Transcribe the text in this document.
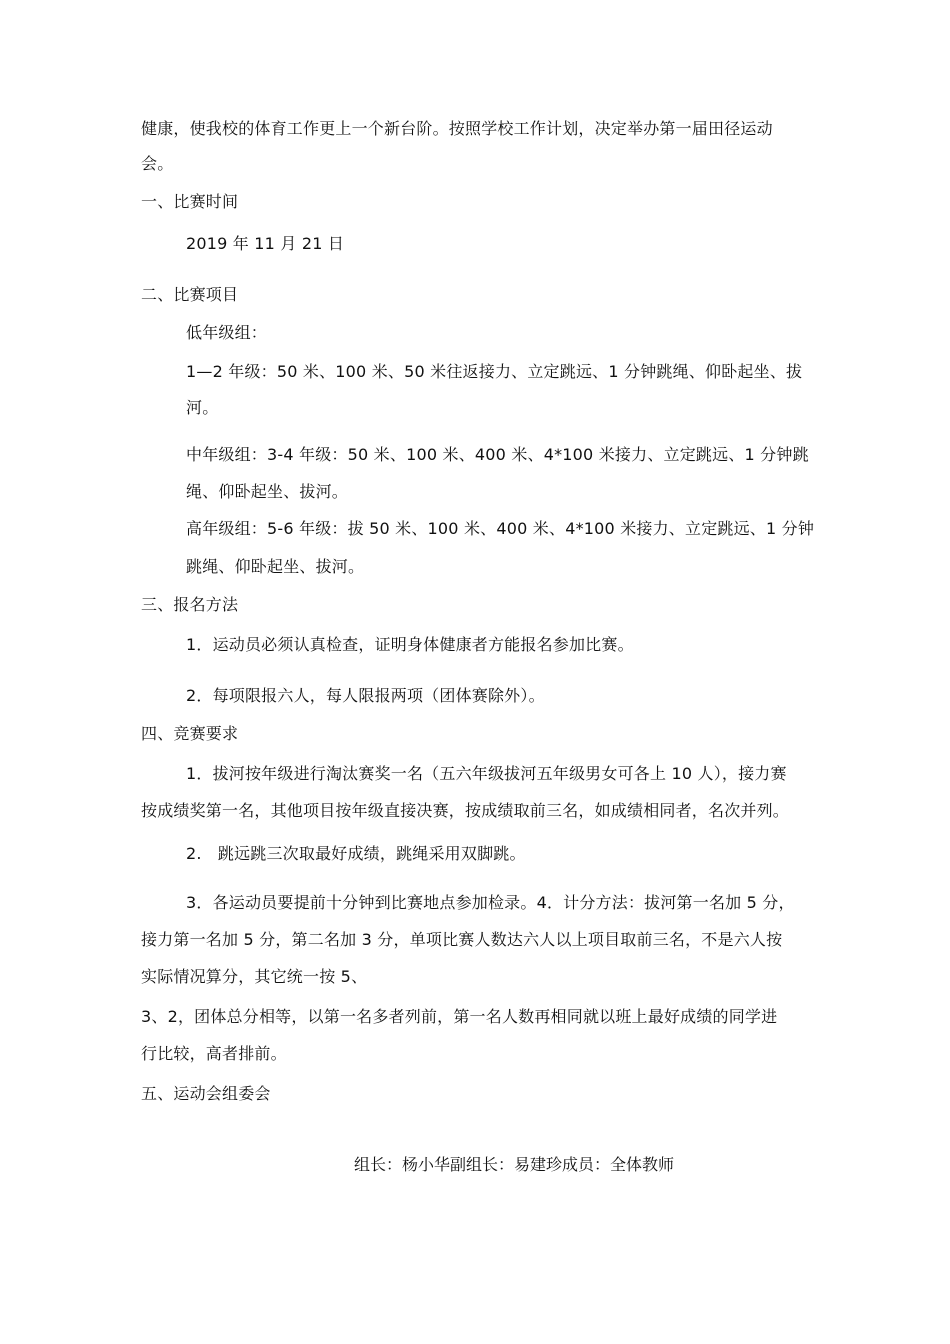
健康，使我校的体育工作更上一个新台阶。按照学校工作计划，决定举办第一届田径运动
会。
一、比赛时间
2019 年 11 月 21 日
二、比赛项目
低年级组：
1—2 年级：50 米、100 米、50 米往返接力、立定跳远、1 分钟跳绳、仰卧起坐、拔
河。
中年级组：3-4 年级：50 米、100 米、400 米、4*100 米接力、立定跳远、1 分钟跳
绳、仰卧起坐、拔河。
高年级组：5-6 年级：拔 50 米、100 米、400 米、4*100 米接力、立定跳远、1 分钟
跳绳、仰卧起坐、拔河。
三、报名方法
1．运动员必须认真检查，证明身体健康者方能报名参加比赛。
2．每项限报六人，每人限报两项（团体赛除外）。
四、竞赛要求
1．拔河按年级进行淘汰赛奖一名（五六年级拔河五年级男女可各上 10 人），接力赛
按成绩奖第一名，其他项目按年级直接决赛，按成绩取前三名，如成绩相同者，名次并列。
2.　跳远跳三次取最好成绩，跳绳采用双脚跳。
3．各运动员要提前十分钟到比赛地点参加检录。4．计分方法：拔河第一名加 5 分，
接力第一名加 5 分，第二名加 3 分，单项比赛人数达六人以上项目取前三名，不是六人按
实际情况算分，其它统一按 5、
3、2，团体总分相等，以第一名多者列前，第一名人数再相同就以班上最好成绩的同学进
行比较，高者排前。
五、运动会组委会
组长：杨小华副组长：易建珍成员：全体教师
